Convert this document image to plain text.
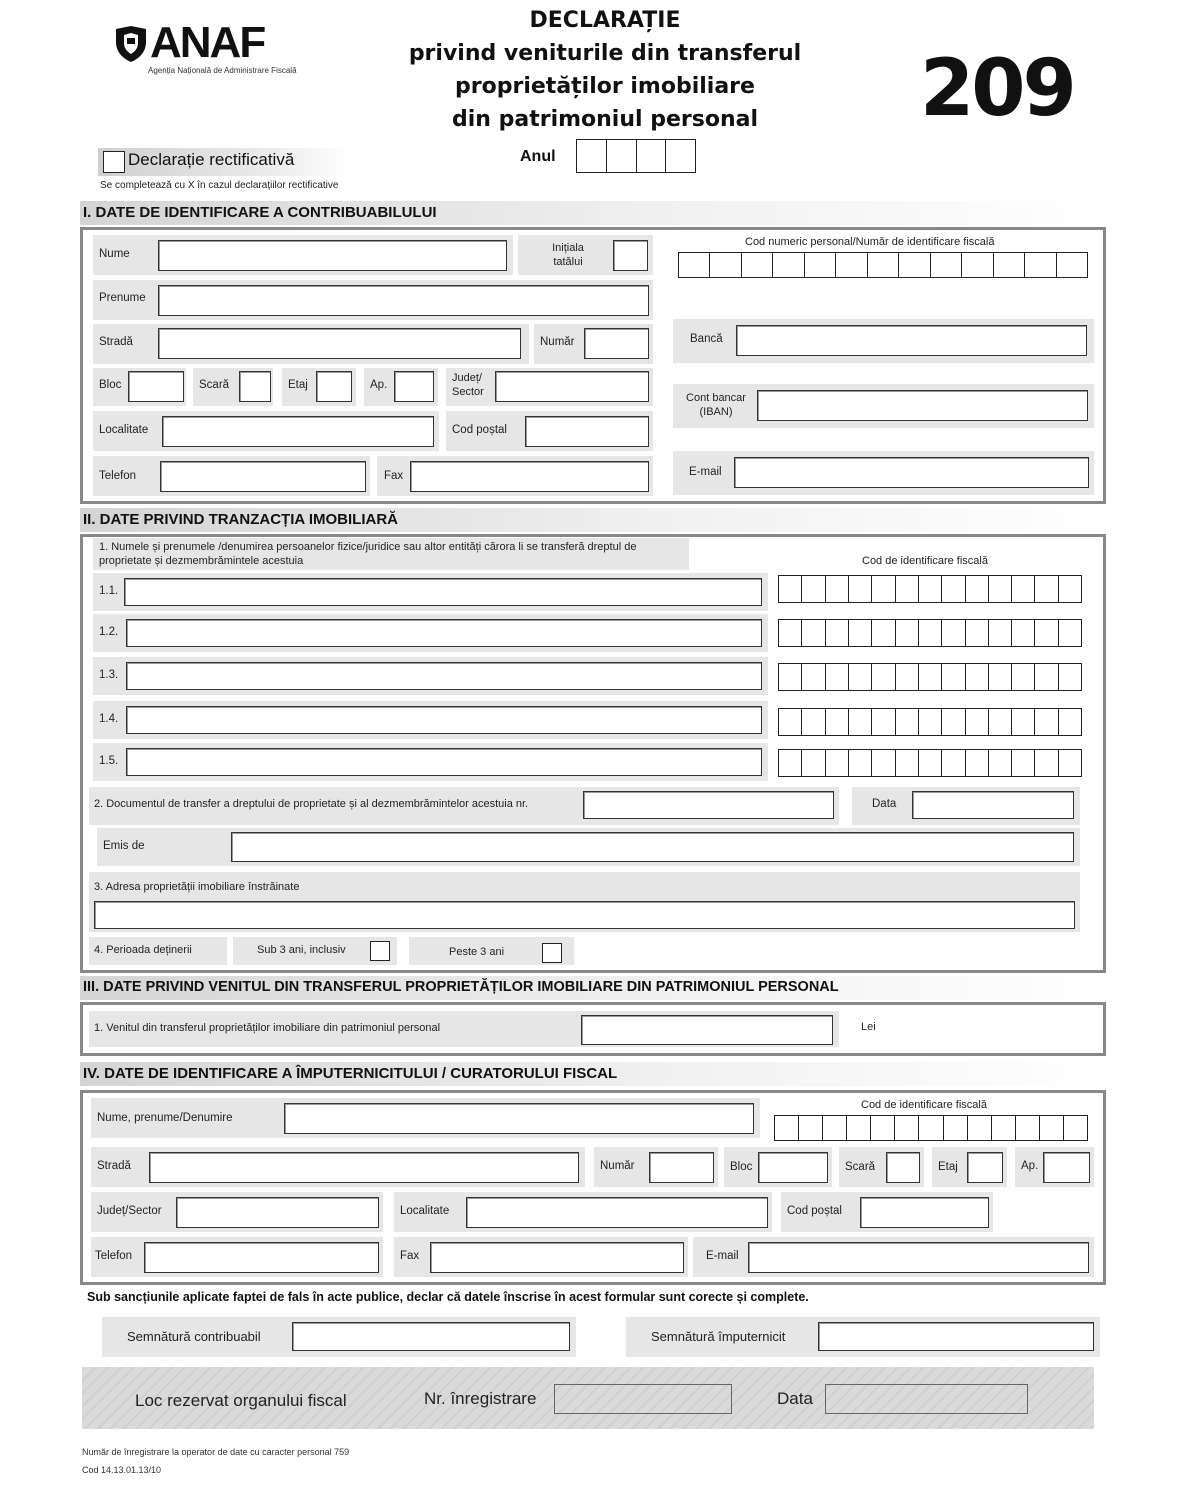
ANAF
Agenția Națională de Administrare Fiscală
DECLARAȚIE
privind veniturile din transferul
proprietăților imobiliare
din patrimoniul personal	209
Declarație rectificativă
Se completează cu X în cazul declarațiilor rectificative
Anul
I. DATE DE IDENTIFICARE A CONTRIBUABILULUI
Nume	Inițiala
tatălui
Cod numeric personal/Număr de identificare fiscală
Prenume
Stradă	Număr	Bancă
Bloc	Scară	Etaj	Ap.
Județ/
Sector	Cont bancar
(IBAN)
Localitate	Cod poștal
Telefon	Fax	E-mail
II. DATE PRIVIND TRANZACȚIA IMOBILIARĂ
1. Numele și prenumele /denumirea persoanelor fizice/juridice sau altor entități cărora li se transferă dreptul de
proprietate și dezmembrămintele acestuia	Cod de identificare fiscală
1.1.
1.2.
1.3.
1.4.
1.5.
2. Documentul de transfer a dreptului de proprietate și al dezmembrămintelor acestuia nr.	Data
Emis de
3. Adresa proprietății imobiliare înstrăinate
4. Perioada deținerii	Sub 3 ani, inclusiv	Peste 3 ani
III. DATE PRIVIND VENITUL DIN TRANSFERUL PROPRIETĂȚILOR IMOBILIARE DIN PATRIMONIUL PERSONAL
1. Venitul din transferul proprietăților imobiliare din patrimoniul personal	Lei
IV. DATE DE IDENTIFICARE A ÎMPUTERNICITULUI / CURATORULUI FISCAL
Nume, prenume/Denumire
Cod de identificare fiscală
Stradă	Număr	Bloc	Scară	Etaj	Ap.
Județ/Sector	Localitate	Cod poștal
Telefon	Fax	E-mail
Sub sancțiunile aplicate faptei de fals în acte publice, declar că datele înscrise în acest formular sunt corecte și complete.
Semnătură contribuabil	Semnătură împuternicit
Loc rezervat organului fiscal	Nr. înregistrare	Data
Număr de înregistrare la operator de date cu caracter personal 759
Cod 14.13.01.13/10
